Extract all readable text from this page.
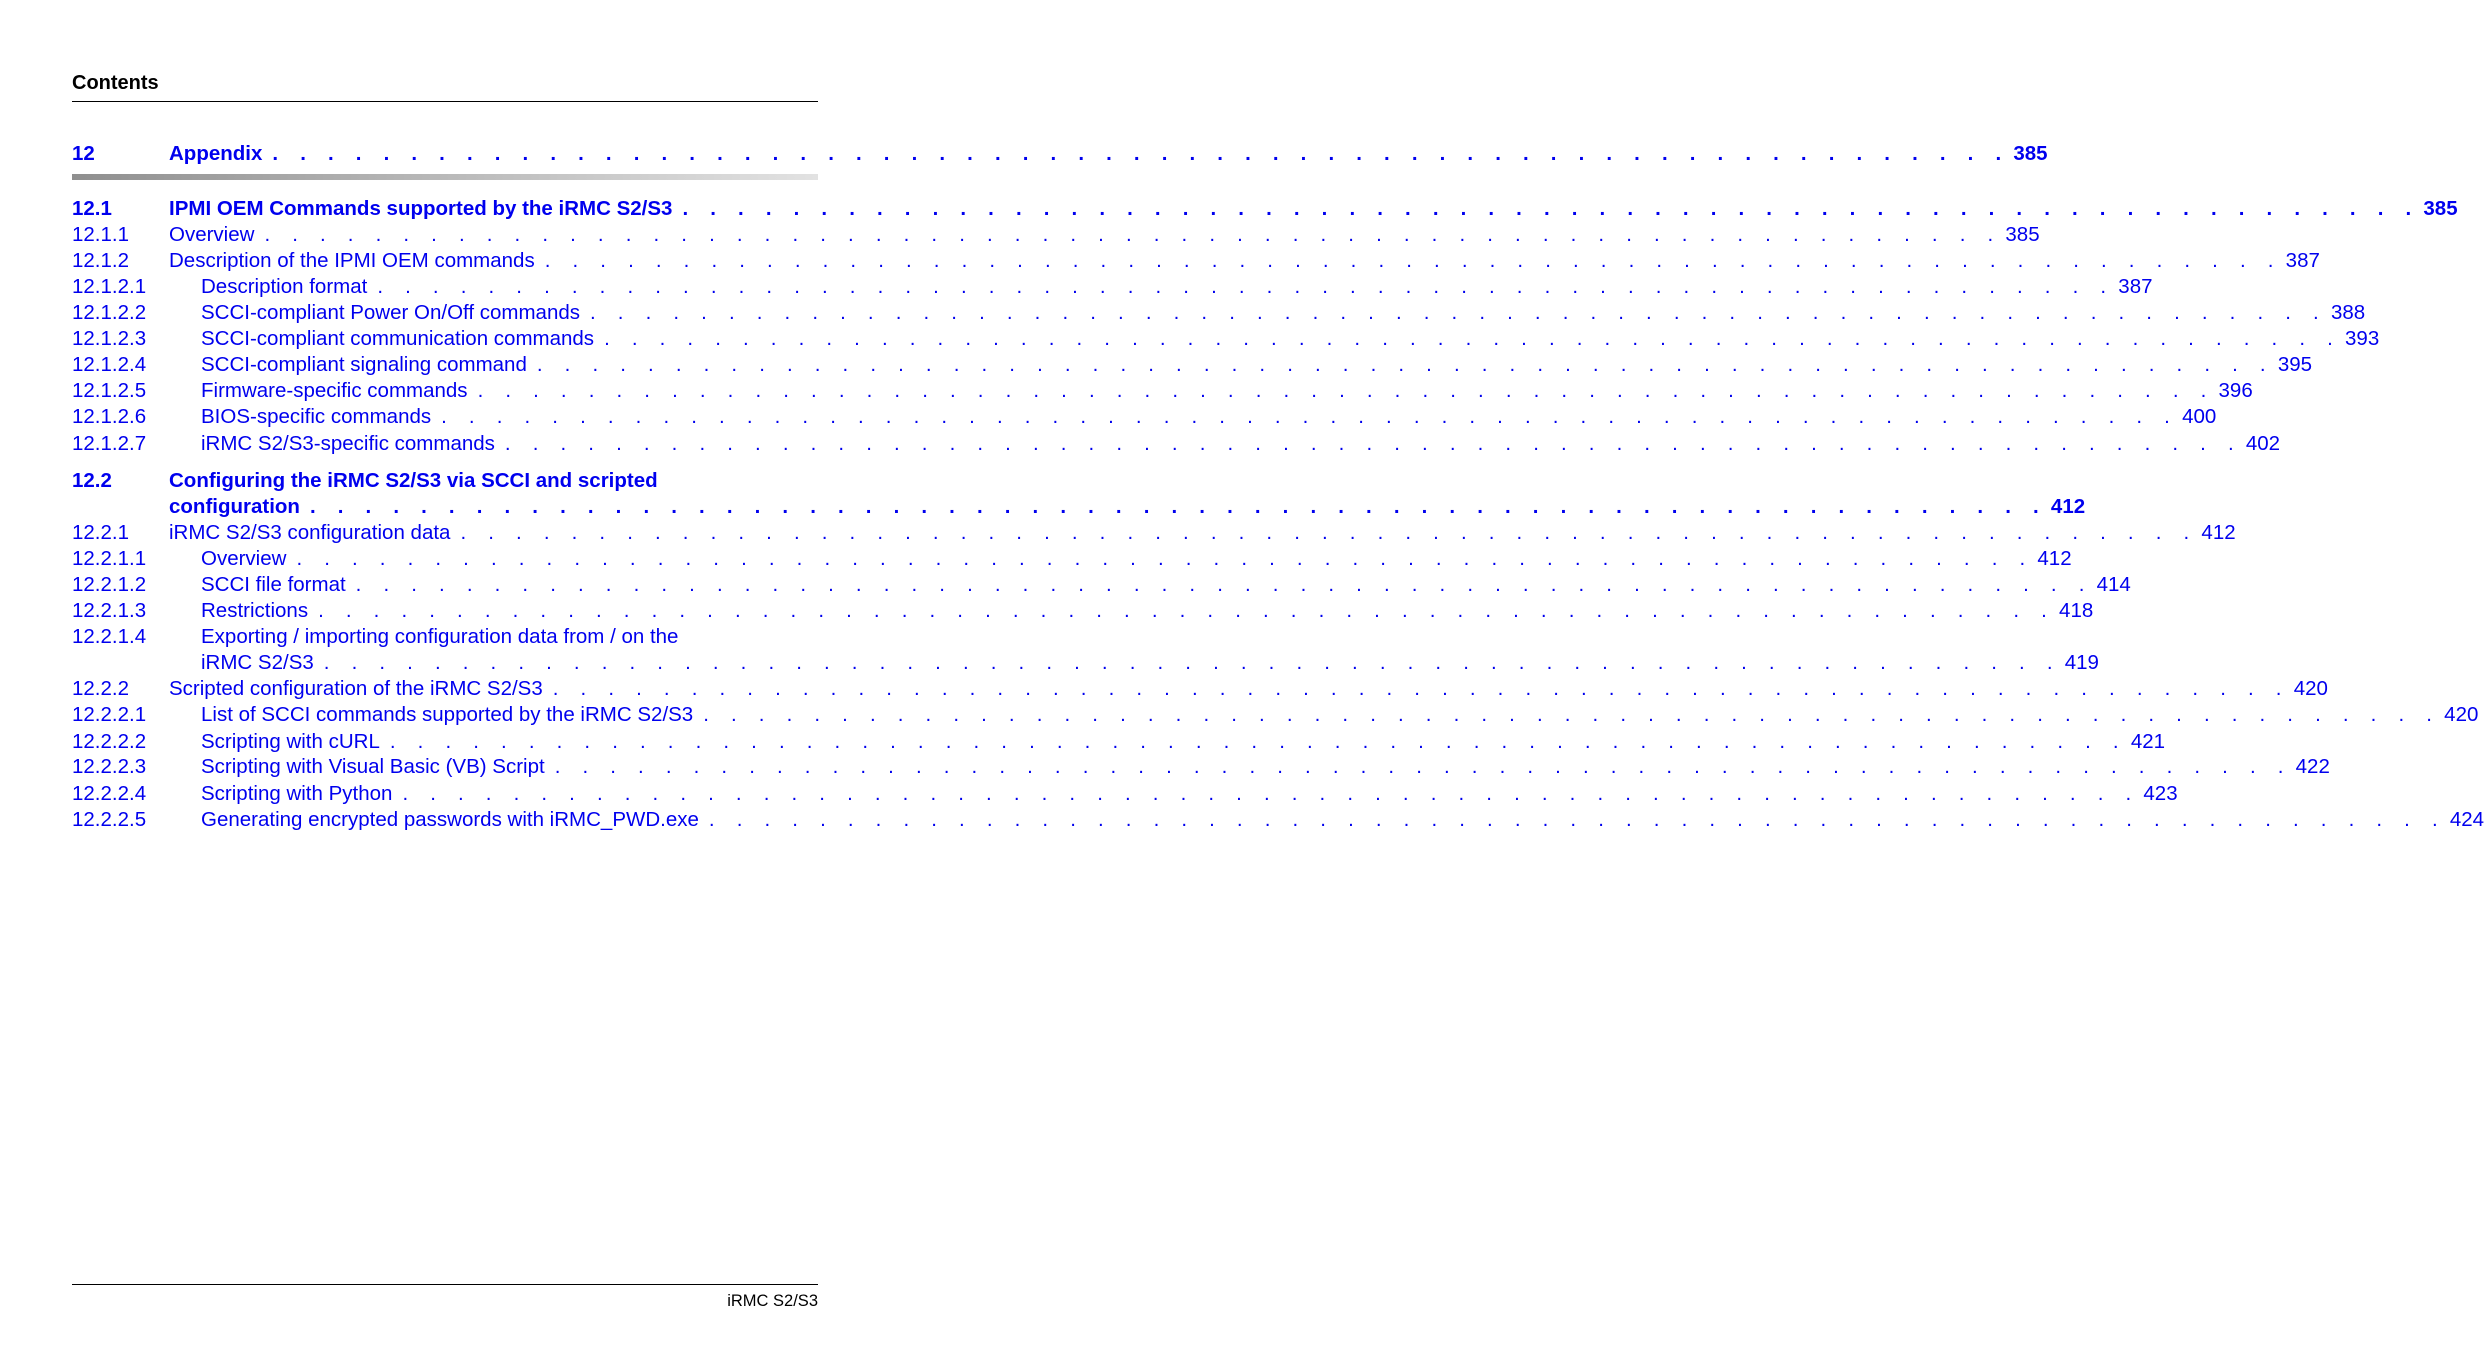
Contents
12	Appendix . . . . . . . . . . . . . . . . . . . . . . . . . . . . . . . . . . . . . . . . . . . . . . . . . . . . . . . . . . . . . . . 385
12.1	IPMI OEM Commands supported by the iRMC S2/S3 . . . . . . . . . . . . . . . . . . . . . . . . . . . . . . . . . . . . . . . . . . . . . . . . . . . . . . . . . . . . . . . 385
12.1.1 Overview . . . . . . . . . . . . . . . . . . . . . . . . . . . . . . . . . . . . . . . . . . . . . . . . . . . . . . . . . . . . . . . 385
12.1.2 Description of the IPMI OEM commands . . . . . . . . . . . . . . . . . . . . . . . . . . . . . . . . . . . . . . . . . . . . . . . . . . . . . . . . . . . . . . . 387
12.1.2.1	Description format . . . . . . . . . . . . . . . . . . . . . . . . . . . . . . . . . . . . . . . . . . . . . . . . . . . . . . . . . . . . . . . 387
12.1.2.2	SCCI-compliant Power On/Off commands . . . . . . . . . . . . . . . . . . . . . . . . . . . . . . . . . . . . . . . . . . . . . . . . . . . . . . . . . . . . . . . 388
12.1.2.3	SCCI-compliant communication commands . . . . . . . . . . . . . . . . . . . . . . . . . . . . . . . . . . . . . . . . . . . . . . . . . . . . . . . . . . . . . . . 393
12.1.2.4	SCCI-compliant signaling command . . . . . . . . . . . . . . . . . . . . . . . . . . . . . . . . . . . . . . . . . . . . . . . . . . . . . . . . . . . . . . . 395
12.1.2.5	Firmware-specific commands . . . . . . . . . . . . . . . . . . . . . . . . . . . . . . . . . . . . . . . . . . . . . . . . . . . . . . . . . . . . . . . 396
12.1.2.6	BIOS-specific commands . . . . . . . . . . . . . . . . . . . . . . . . . . . . . . . . . . . . . . . . . . . . . . . . . . . . . . . . . . . . . . . 400
12.1.2.7	iRMC S2/S3-specific commands . . . . . . . . . . . . . . . . . . . . . . . . . . . . . . . . . . . . . . . . . . . . . . . . . . . . . . . . . . . . . . . 402
12.2	Configuring the iRMC S2/S3 via SCCI and scripted
configuration . . . . . . . . . . . . . . . . . . . . . . . . . . . . . . . . . . . . . . . . . . . . . . . . . . . . . . . . . . . . . . . 412
12.2.1 iRMC S2/S3 configuration data . . . . . . . . . . . . . . . . . . . . . . . . . . . . . . . . . . . . . . . . . . . . . . . . . . . . . . . . . . . . . . . 412
12.2.1.1	Overview . . . . . . . . . . . . . . . . . . . . . . . . . . . . . . . . . . . . . . . . . . . . . . . . . . . . . . . . . . . . . . . 412
12.2.1.2	SCCI file format . . . . . . . . . . . . . . . . . . . . . . . . . . . . . . . . . . . . . . . . . . . . . . . . . . . . . . . . . . . . . . . 414
12.2.1.3	Restrictions . . . . . . . . . . . . . . . . . . . . . . . . . . . . . . . . . . . . . . . . . . . . . . . . . . . . . . . . . . . . . . . 418
12.2.1.4	Exporting / importing configuration data from / on the
iRMC S2/S3 . . . . . . . . . . . . . . . . . . . . . . . . . . . . . . . . . . . . . . . . . . . . . . . . . . . . . . . . . . . . . . . 419
12.2.2 Scripted configuration of the iRMC S2/S3 . . . . . . . . . . . . . . . . . . . . . . . . . . . . . . . . . . . . . . . . . . . . . . . . . . . . . . . . . . . . . . . 420
12.2.2.1	List of SCCI commands supported by the iRMC S2/S3 . . . . . . . . . . . . . . . . . . . . . . . . . . . . . . . . . . . . . . . . . . . . . . . . . . . . . . . . . . . . . . . 420
12.2.2.2	Scripting with cURL . . . . . . . . . . . . . . . . . . . . . . . . . . . . . . . . . . . . . . . . . . . . . . . . . . . . . . . . . . . . . . . 421
12.2.2.3	Scripting with Visual Basic (VB) Script . . . . . . . . . . . . . . . . . . . . . . . . . . . . . . . . . . . . . . . . . . . . . . . . . . . . . . . . . . . . . . . 422
12.2.2.4	Scripting with Python . . . . . . . . . . . . . . . . . . . . . . . . . . . . . . . . . . . . . . . . . . . . . . . . . . . . . . . . . . . . . . . 423
12.2.2.5	Generating encrypted passwords with iRMC_PWD.exe . . . . . . . . . . . . . . . . . . . . . . . . . . . . . . . . . . . . . . . . . . . . . . . . . . . . . . . . . . . . . . . 424
iRMC S2/S3
